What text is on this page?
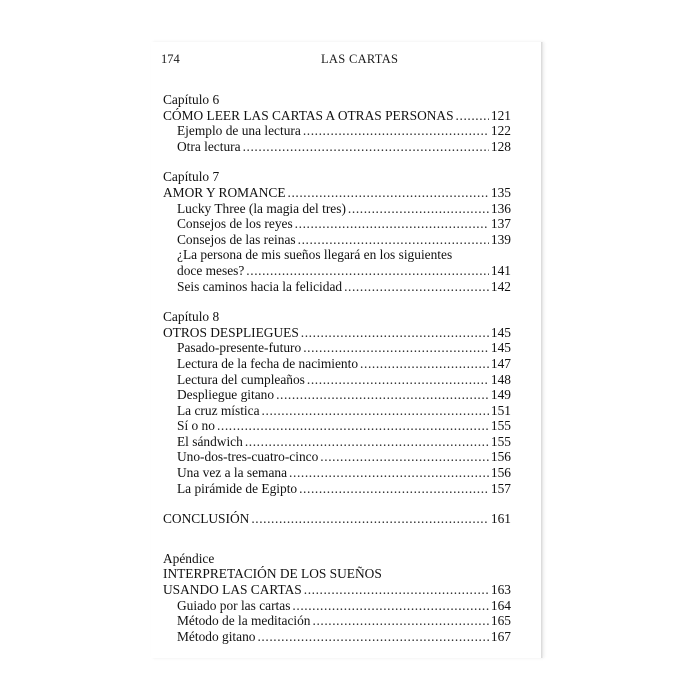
174	LAS CARTAS
Capítulo 6
CÓMO LEER LAS CARTAS A OTRAS PERSONAS .....	121
Ejemplo de una lectura .....	122
Otra lectura .....	128
Capítulo 7
AMOR Y ROMANCE .....	135
Lucky Three (la magia del tres) .....	136
Consejos de los reyes .....	137
Consejos de las reinas .....	139
¿La persona de mis sueños llegará en los siguientes
doce meses? .....	141
Seis caminos hacia la felicidad .....	142
Capítulo 8
OTROS DESPLIEGUES .....	145
Pasado-presente-futuro .....	145
Lectura de la fecha de nacimiento .....	147
Lectura del cumpleaños .....	148
Despliegue gitano .....	149
La cruz mística .....	151
Sí o no .....	155
El sándwich .....	155
Uno-dos-tres-cuatro-cinco .....	156
Una vez a la semana .....	156
La pirámide de Egipto .....	157
CONCLUSIÓN .....	161
Apéndice
INTERPRETACIÓN DE LOS SUEÑOS
USANDO LAS CARTAS .....	163
Guiado por las cartas .....	164
Método de la meditación .....	165
Método gitano .....	167
